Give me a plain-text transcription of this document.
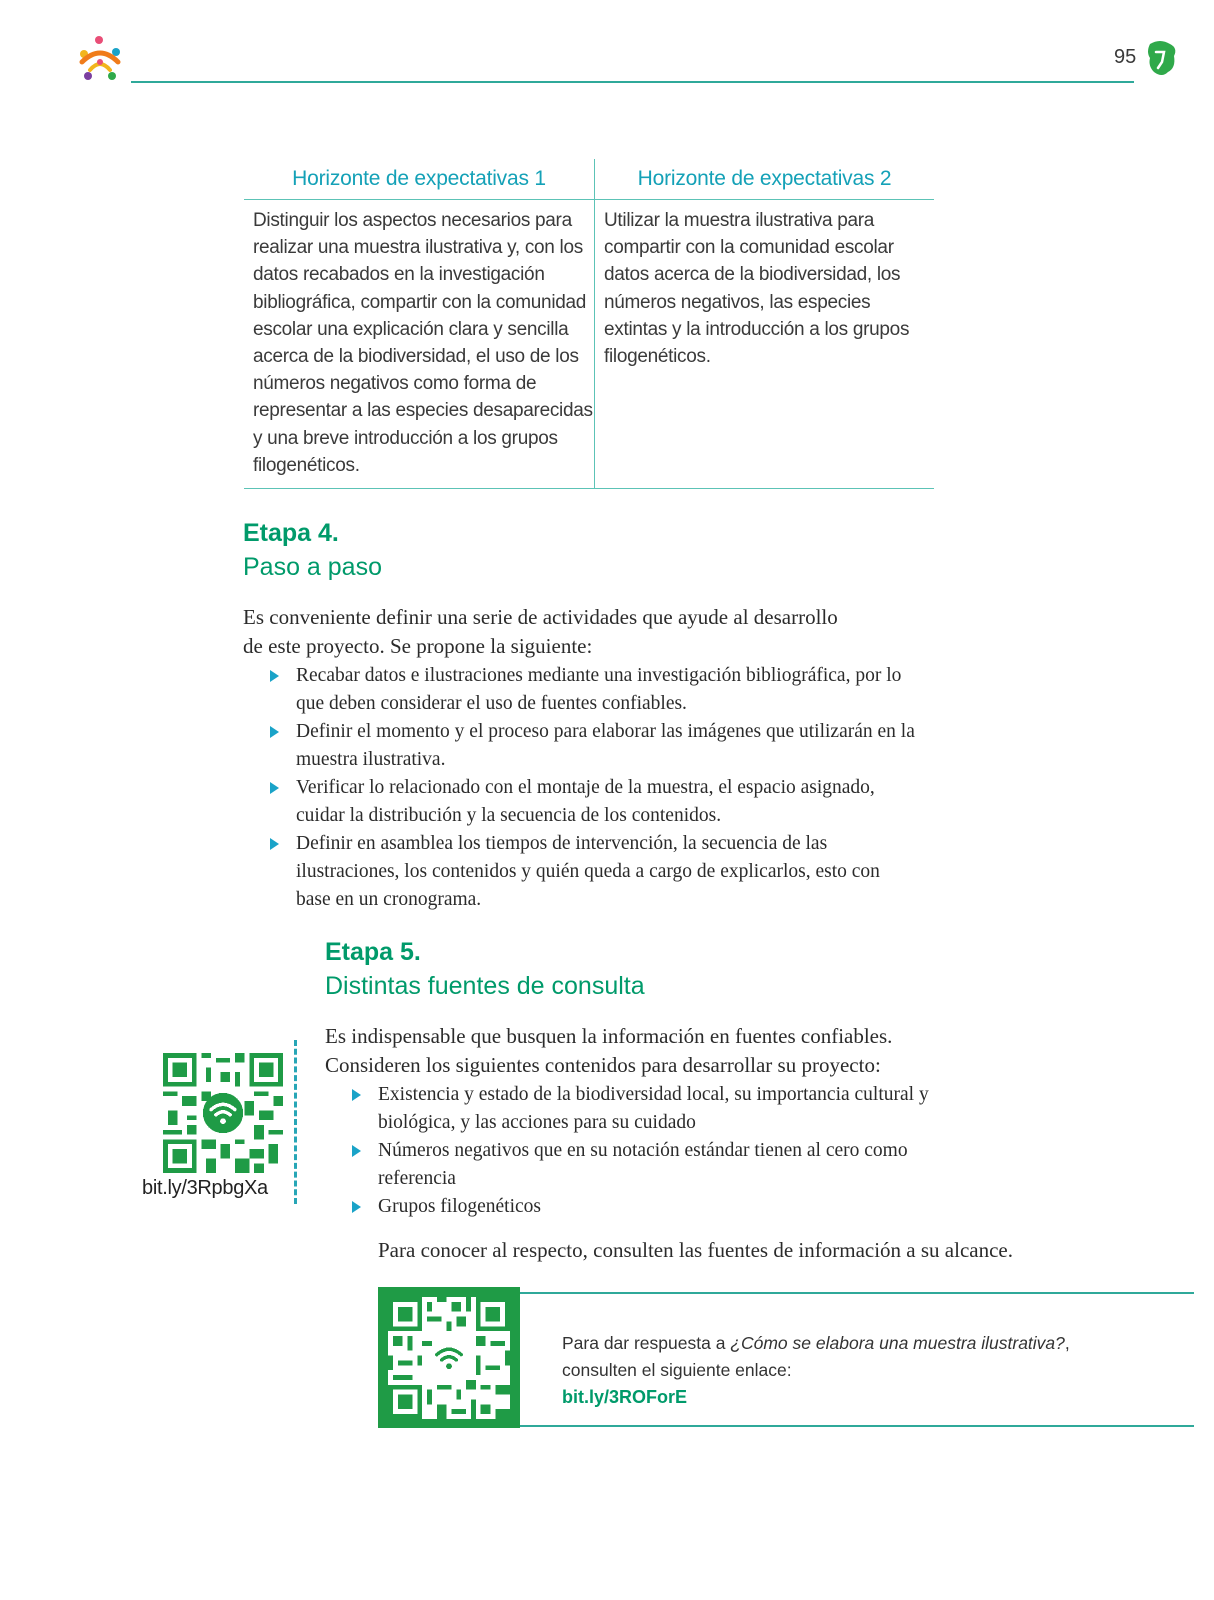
95
Horizonte de expectativas 1	Horizonte de expectativas 2
Distinguir los aspectos necesarios para realizar una muestra ilustrativa y, con los datos recabados en la investigación bibliográfica, compartir con la comunidad escolar una explicación clara y sencilla acerca de la biodiversidad, el uso de los números negativos como forma de representar a las especies desaparecidas y una breve introducción a los grupos filogenéticos.
Utilizar la muestra ilustrativa para compartir con la comunidad escolar datos acerca de la biodiversidad, los números negativos, las especies extintas y la introducción a los grupos filogenéticos.
Etapa 4.
Paso a paso
Es conveniente definir una serie de actividades que ayude al desarrollo de este proyecto. Se propone la siguiente:
Recabar datos e ilustraciones mediante una investigación bibliográfica, por lo que deben considerar el uso de fuentes confiables.
Definir el momento y el proceso para elaborar las imágenes que utilizarán en la muestra ilustrativa.
Verificar lo relacionado con el montaje de la muestra, el espacio asignado, cuidar la distribución y la secuencia de los contenidos.
Definir en asamblea los tiempos de intervención, la secuencia de las ilustraciones, los contenidos y quién queda a cargo de explicarlos, esto con base en un cronograma.
Etapa 5.
Distintas fuentes de consulta
Es indispensable que busquen la información en fuentes confiables. Consideren los siguientes contenidos para desarrollar su proyecto:
Existencia y estado de la biodiversidad local, su importancia cultural y biológica, y las acciones para su cuidado
Números negativos que en su notación estándar tienen al cero como referencia
Grupos filogenéticos
Para conocer al respecto, consulten las fuentes de información a su alcance.
bit.ly/3RpbgXa
Para dar respuesta a ¿Cómo se elabora una muestra ilustrativa?, consulten el siguiente enlace:
bit.ly/3ROForE
